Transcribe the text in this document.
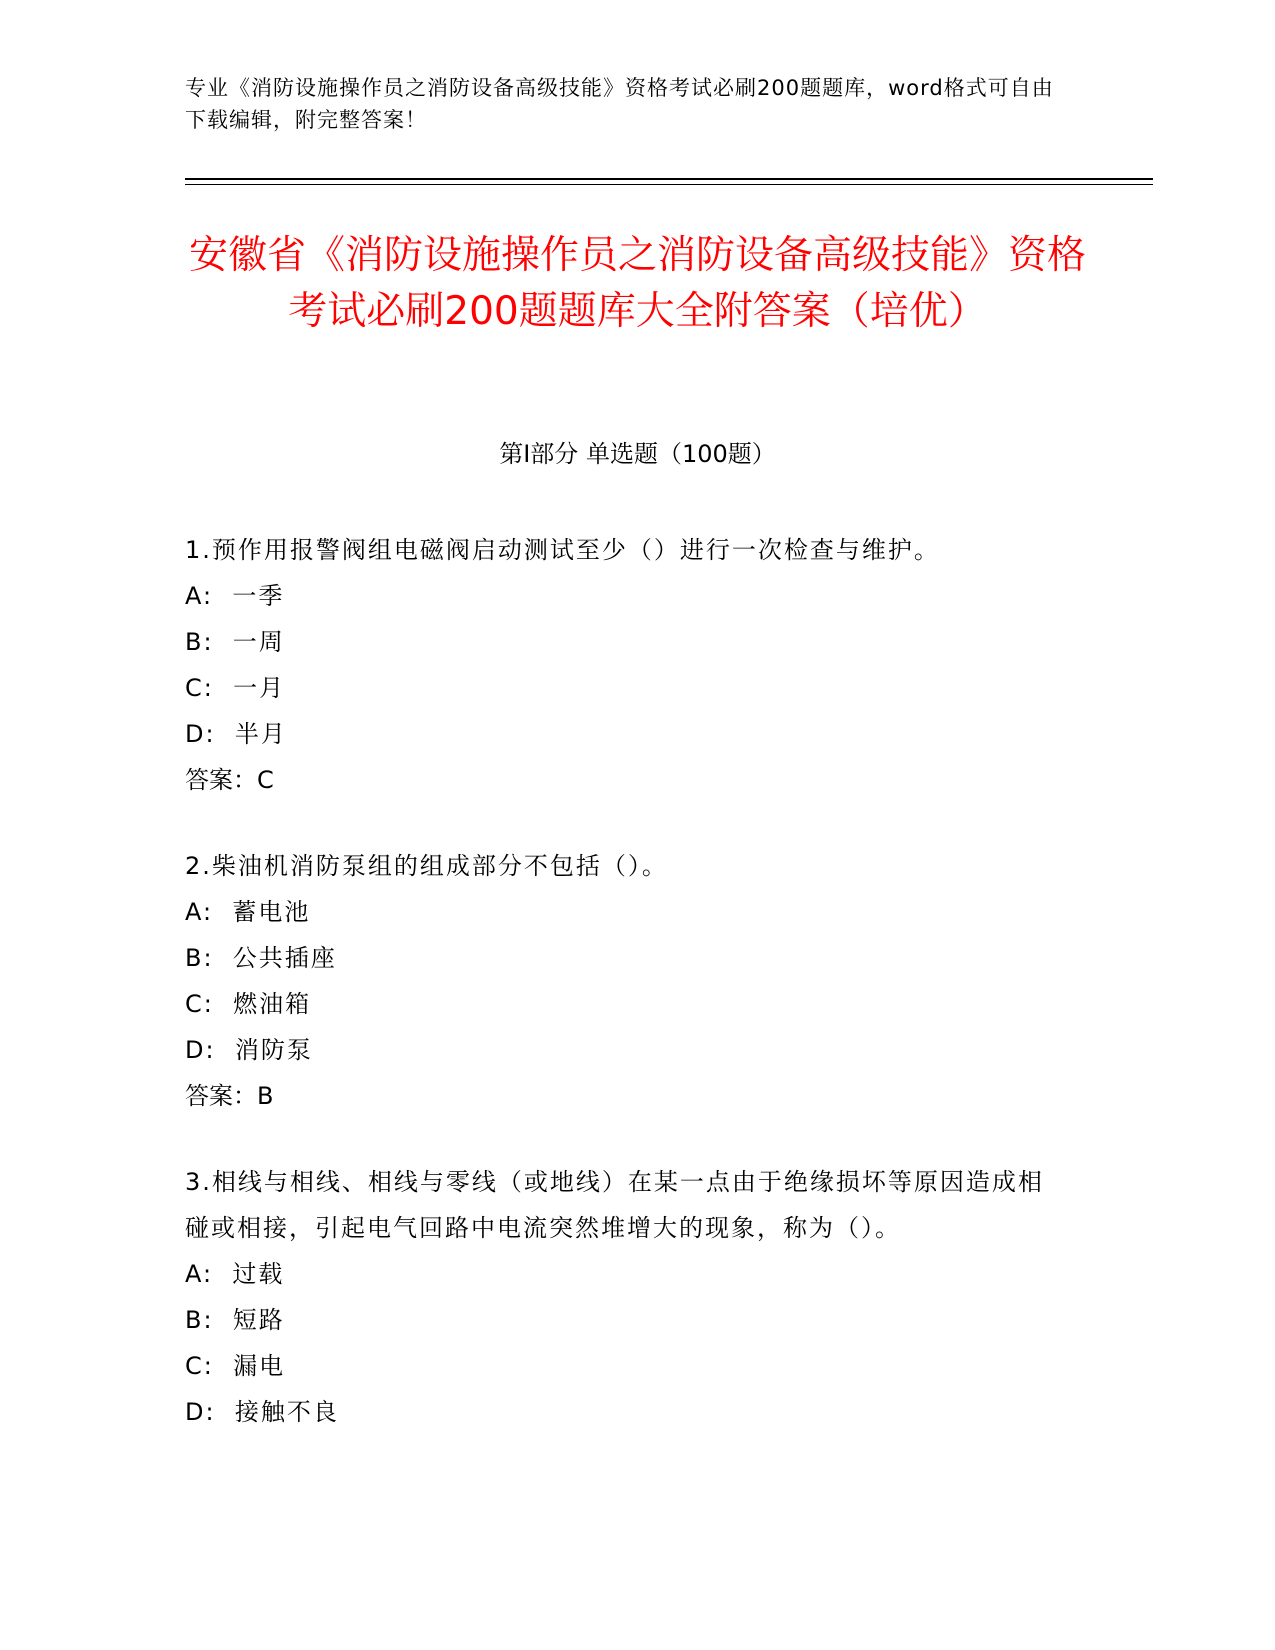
专业《消防设施操作员之消防设备高级技能》资格考试必刷200题题库，word格式可自由下载编辑，附完整答案！
安徽省《消防设施操作员之消防设备高级技能》资格考试必刷200题题库大全附答案（培优）
第Ⅰ部分 单选题（100题）
1.预作用报警阀组电磁阀启动测试至少（）进行一次检查与维护。
A:  一季
B:  一周
C:  一月
D:  半月
答案：C
2.柴油机消防泵组的组成部分不包括（）。
A:  蓄电池
B:  公共插座
C:  燃油箱
D:  消防泵
答案：B
3.相线与相线、相线与零线（或地线）在某一点由于绝缘损坏等原因造成相碰或相接，引起电气回路中电流突然堆增大的现象，称为（）。
A:  过载
B:  短路
C:  漏电
D:  接触不良
